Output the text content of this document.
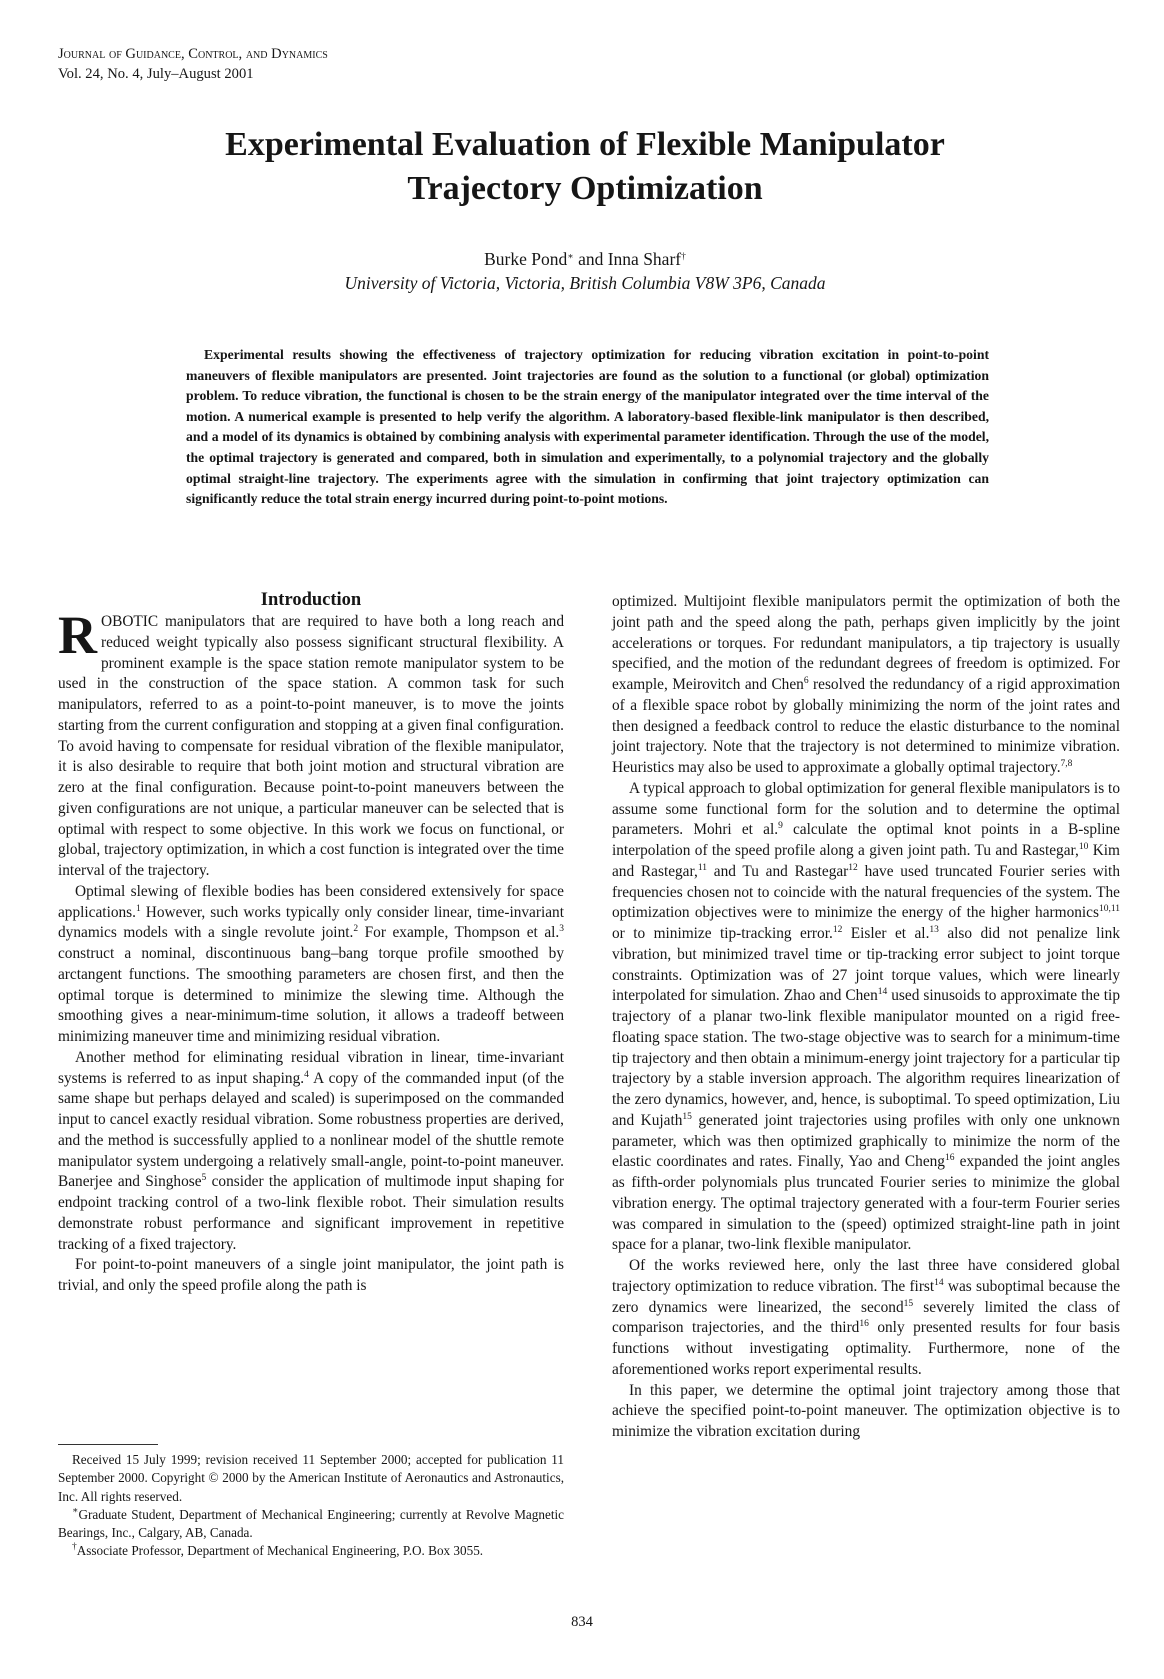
Journal of Guidance, Control, and Dynamics
Vol. 24, No. 4, July–August 2001
Experimental Evaluation of Flexible Manipulator Trajectory Optimization
Burke Pond∗ and Inna Sharf†
University of Victoria, Victoria, British Columbia V8W 3P6, Canada

Experimental results showing the effectiveness of trajectory optimization for reducing vibration excitation in point-to-point maneuvers of flexible manipulators are presented. Joint trajectories are found as the solution to a functional (or global) optimization problem. To reduce vibration, the functional is chosen to be the strain energy of the manipulator integrated over the time interval of the motion. A numerical example is presented to help verify the algorithm. A laboratory-based flexible-link manipulator is then described, and a model of its dynamics is obtained by combining analysis with experimental parameter identification. Through the use of the model, the optimal trajectory is generated and compared, both in simulation and experimentally, to a polynomial trajectory and the globally optimal straight-line trajectory. The experiments agree with the simulation in confirming that joint trajectory optimization can significantly reduce the total strain energy incurred during point-to-point motions.

Introduction

ROBOTIC manipulators that are required to have both a long reach and reduced weight typically also possess significant structural flexibility. A prominent example is the space station remote manipulator system to be used in the construction of the space station. A common task for such manipulators, referred to as a point-to-point maneuver, is to move the joints starting from the current configuration and stopping at a given final configuration. To avoid having to compensate for residual vibration of the flexible manipulator, it is also desirable to require that both joint motion and structural vibration are zero at the final configuration. Because point-to-point maneuvers between the given configurations are not unique, a particular maneuver can be selected that is optimal with respect to some objective. In this work we focus on functional, or global, trajectory optimization, in which a cost function is integrated over the time interval of the trajectory.

Optimal slewing of flexible bodies has been considered extensively for space applications.$^1$ However, such works typically only consider linear, time-invariant dynamics models with a single revolute joint.$^2$ For example, Thompson et al.$^3$ construct a nominal, discontinuous bang–bang torque profile smoothed by arctangent functions. The smoothing parameters are chosen first, and then the optimal torque is determined to minimize the slewing time. Although the smoothing gives a near-minimum-time solution, it allows a tradeoff between minimizing maneuver time and minimizing residual vibration.

Another method for eliminating residual vibration in linear, time-invariant systems is referred to as input shaping.$^4$ A copy of the commanded input (of the same shape but perhaps delayed and scaled) is superimposed on the commanded input to cancel exactly residual vibration. Some robustness properties are derived, and the method is successfully applied to a nonlinear model of the shuttle remote manipulator system undergoing a relatively small-angle, point-to-point maneuver. Banerjee and Singhose$^5$ consider the application of multimode input shaping for endpoint tracking control of a two-link flexible robot. Their simulation results demonstrate robust performance and significant improvement in repetitive tracking of a fixed trajectory.

For point-to-point maneuvers of a single joint manipulator, the joint path is trivial, and only the speed profile along the path is

optimized. Multijoint flexible manipulators permit the optimization of both the joint path and the speed along the path, perhaps given implicitly by the joint accelerations or torques. For redundant manipulators, a tip trajectory is usually specified, and the motion of the redundant degrees of freedom is optimized. For example, Meirovitch and Chen$^6$ resolved the redundancy of a rigid approximation of a flexible space robot by globally minimizing the norm of the joint rates and then designed a feedback control to reduce the elastic disturbance to the nominal joint trajectory. Note that the trajectory is not determined to minimize vibration. Heuristics may also be used to approximate a globally optimal trajectory.$^{7,8}$

A typical approach to global optimization for general flexible manipulators is to assume some functional form for the solution and to determine the optimal parameters. Mohri et al.$^9$ calculate the optimal knot points in a B-spline interpolation of the speed profile along a given joint path. Tu and Rastegar,$^{10}$ Kim and Rastegar,$^{11}$ and Tu and Rastegar$^{12}$ have used truncated Fourier series with frequencies chosen not to coincide with the natural frequencies of the system. The optimization objectives were to minimize the energy of the higher harmonics$^{10,11}$ or to minimize tip-tracking error.$^{12}$ Eisler et al.$^{13}$ also did not penalize link vibration, but minimized travel time or tip-tracking error subject to joint torque constraints. Optimization was of 27 joint torque values, which were linearly interpolated for simulation. Zhao and Chen$^{14}$ used sinusoids to approximate the tip trajectory of a planar two-link flexible manipulator mounted on a rigid free-floating space station. The two-stage objective was to search for a minimum-time tip trajectory and then obtain a minimum-energy joint trajectory for a particular tip trajectory by a stable inversion approach. The algorithm requires linearization of the zero dynamics, however, and, hence, is suboptimal. To speed optimization, Liu and Kujath$^{15}$ generated joint trajectories using profiles with only one unknown parameter, which was then optimized graphically to minimize the norm of the elastic coordinates and rates. Finally, Yao and Cheng$^{16}$ expanded the joint angles as fifth-order polynomials plus truncated Fourier series to minimize the global vibration energy. The optimal trajectory generated with a four-term Fourier series was compared in simulation to the (speed) optimized straight-line path in joint space for a planar, two-link flexible manipulator.

Of the works reviewed here, only the last three have considered global trajectory optimization to reduce vibration. The first$^{14}$ was suboptimal because the zero dynamics were linearized, the second$^{15}$ severely limited the class of comparison trajectories, and the third$^{16}$ only presented results for four basis functions without investigating optimality. Furthermore, none of the aforementioned works report experimental results.

In this paper, we determine the optimal joint trajectory among those that achieve the specified point-to-point maneuver. The optimization objective is to minimize the vibration excitation during

Received 15 July 1999; revision received 11 September 2000; accepted for publication 11 September 2000. Copyright © 2000 by the American Institute of Aeronautics and Astronautics, Inc. All rights reserved.

∗Graduate Student, Department of Mechanical Engineering; currently at Revolve Magnetic Bearings, Inc., Calgary, AB, Canada.

†Associate Professor, Department of Mechanical Engineering, P.O. Box 3055.

834
